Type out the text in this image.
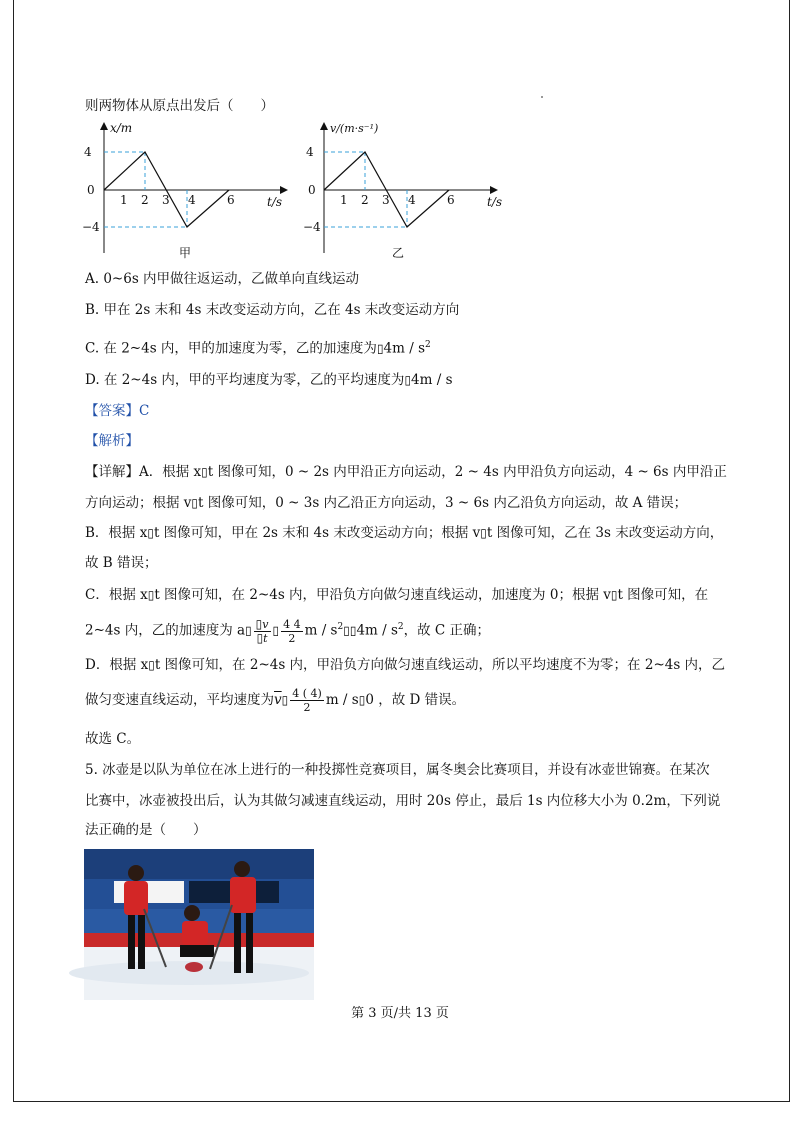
则两物体从原点出发后（　　）
x/m
4
0
−4
1 2 3 4	6	t/s
甲
v/(m·s⁻¹)
4
0
−4
1 2 3 4	6	t/s
乙
A. 0~6s 内甲做往返运动，乙做单向直线运动
B. 甲在 2s 末和 4s 末改变运动方向，乙在 4s 末改变运动方向
C. 在 2~4s 内，甲的加速度为零，乙的加速度为▯4m / $s^2$
D. 在 2~4s 内，甲的平均速度为零，乙的平均速度为▯4m / s
【答案】C
【解析】
【详解】A．根据 x▯t 图像可知，0 ~ 2s 内甲沿正方向运动，2 ~ 4s 内甲沿负方向运动，4 ~ 6s 内甲沿正
方向运动；根据 v▯t 图像可知，0 ~ 3s 内乙沿正方向运动，3 ~ 6s 内乙沿负方向运动，故 A 错误；
B．根据 x▯t 图像可知，甲在 2s 末和 4s 末改变运动方向；根据 v▯t 图像可知，乙在 3s 末改变运动方向，
故 B 错误；
C．根据 x▯t 图像可知，在 2~4s 内，甲沿负方向做匀速直线运动，加速度为 0；根据 v▯t 图像可知，在
2~4s 内，乙的加速度为 a▯ $\frac{▯v}{▯t}$ ▯ $\frac{4 4}{2}$ m / $s^2▯▯4m / s^2$，故 C 正确；
D．根据 x▯t 图像可知，在 2~4s 内，甲沿负方向做匀速直线运动，所以平均速度不为零；在 2~4s 内，乙
做匀变速直线运动，平均速度为$\overline{v}▯ \frac{4 ( 4)}{2}$ m / s▯0 ，故 D 错误。
故选 C。
5. 冰壶是以队为单位在冰上进行的一种投掷性竞赛项目，属冬奥会比赛项目，并设有冰壶世锦赛。在某次
比赛中，冰壶被投出后，认为其做匀减速直线运动，用时 20s 停止，最后 1s 内位移大小为 0.2m，下列说
法正确的是（　　）
第 3 页/共 13 页
